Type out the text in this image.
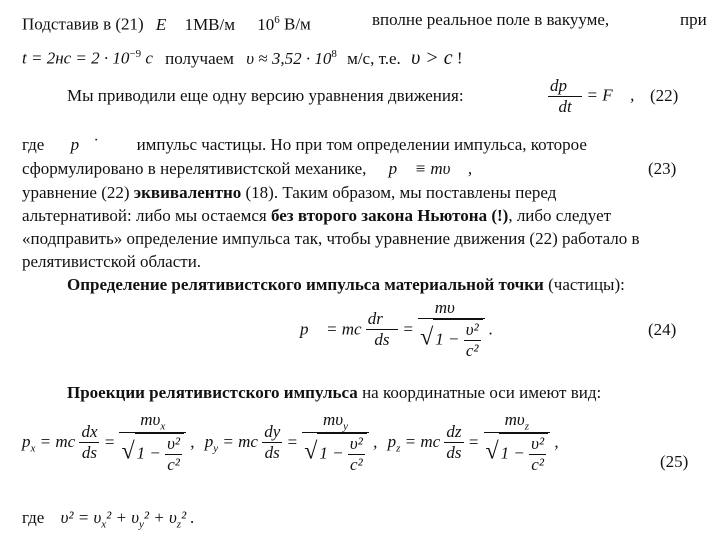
Подставив в (21) E 1МВ/м $10^6$ В/м	вполне реальное поле в вакууме,	при
$t = 2нс = 2 \cdot 10^{-9}$ с получаем $\upsilon \approx 3,52 \cdot 10^8$ м/с, т.е. υ > c !
Мы приводили еще одну версию уравнения движения:	$\frac{dp⃗}{dt}$ = F⃗ , (22)
где p⃗̇	импульс частицы. Но при том определении импульса, которое
сформулировано в нерелятивистской механике, p⃗ ≡ mυ⃗ ,	(23)
уравнение (22) эквивалентно (18). Таким образом, мы поставлены перед
альтернативой: либо мы остаемся без второго закона Ньютона (!), либо следует
«подправить» определение импульса так, чтобы уравнение движения (22) работало в
релятивистской области.
Определение релятивистского импульса материальной точки (частицы):
p⃗ = mc $\frac{dr⃗}{ds} = \frac{m\upsilon⃗}{√ 1 - \frac{\text{υ²}}{\text{c²}}}$ .	(24)
Проекции релятивистского импульса на координатные оси имеют вид:
$p_x$ = mc $\frac{dx}{ds} = \frac{m\upsilon_x}{√ 1 - \frac{\text{υ²}}{\text{c²}}}$ , $p_y$ = mc $\frac{dy}{ds} = \frac{m\upsilon_y}{√ 1 - \frac{\text{υ²}}{\text{c²}}}$ , $p_z$ = mc $\frac{dz}{ds} = \frac{m\upsilon_z}{√ 1 - \frac{\text{υ²}}{\text{c²}}}$ ,
(25)
где $\upsilon^2 = \upsilon_x^2 + \upsilon_y^2 + \upsilon_z^2$ .
